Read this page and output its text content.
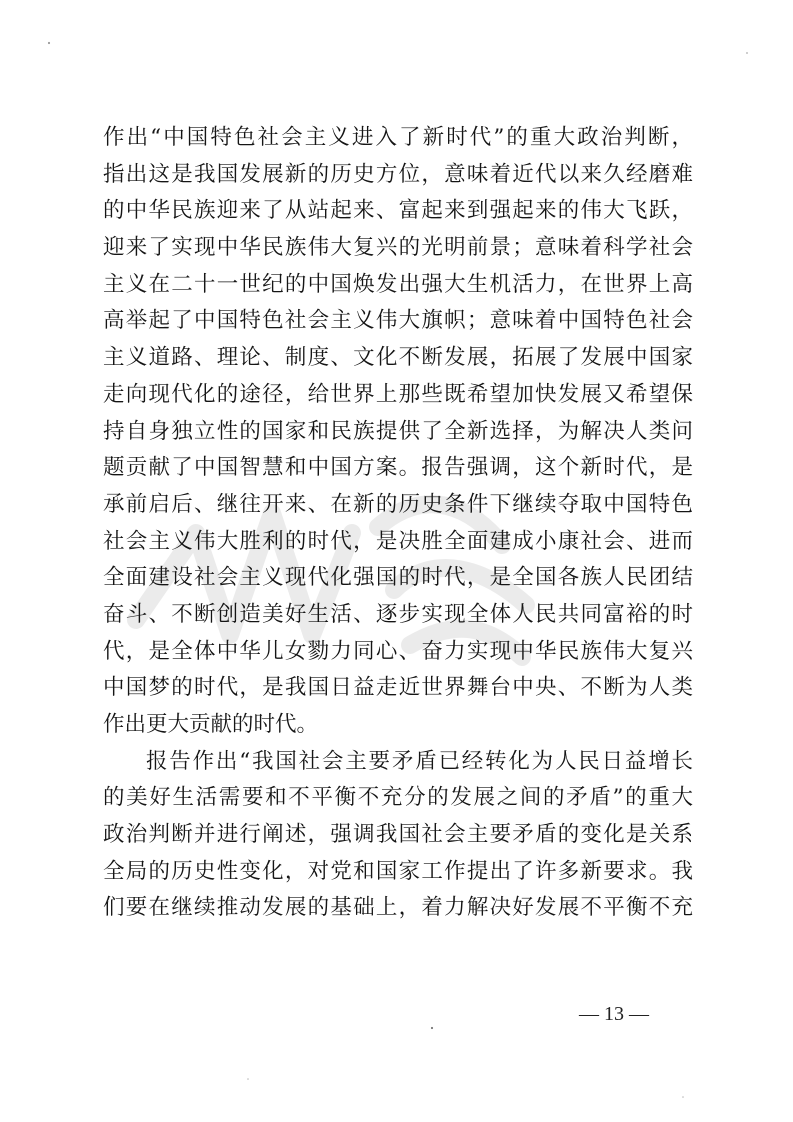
作出“中国特色社会主义进入了新时代”的重大政治判断，
指出这是我国发展新的历史方位，意味着近代以来久经磨难
的中华民族迎来了从站起来、富起来到强起来的伟大飞跃，
迎来了实现中华民族伟大复兴的光明前景；意味着科学社会
主义在二十一世纪的中国焕发出强大生机活力，在世界上高
高举起了中国特色社会主义伟大旗帜；意味着中国特色社会
主义道路、理论、制度、文化不断发展，拓展了发展中国家
走向现代化的途径，给世界上那些既希望加快发展又希望保
持自身独立性的国家和民族提供了全新选择，为解决人类问
题贡献了中国智慧和中国方案。报告强调，这个新时代，是
承前启后、继往开来、在新的历史条件下继续夺取中国特色
社会主义伟大胜利的时代，是决胜全面建成小康社会、进而
全面建设社会主义现代化强国的时代，是全国各族人民团结
奋斗、不断创造美好生活、逐步实现全体人民共同富裕的时
代，是全体中华儿女勠力同心、奋力实现中华民族伟大复兴
中国梦的时代，是我国日益走近世界舞台中央、不断为人类
作出更大贡献的时代。
报告作出“我国社会主要矛盾已经转化为人民日益增长
的美好生活需要和不平衡不充分的发展之间的矛盾”的重大
政治判断并进行阐述，强调我国社会主要矛盾的变化是关系
全局的历史性变化，对党和国家工作提出了许多新要求。我
们要在继续推动发展的基础上，着力解决好发展不平衡不充
— 13 —
